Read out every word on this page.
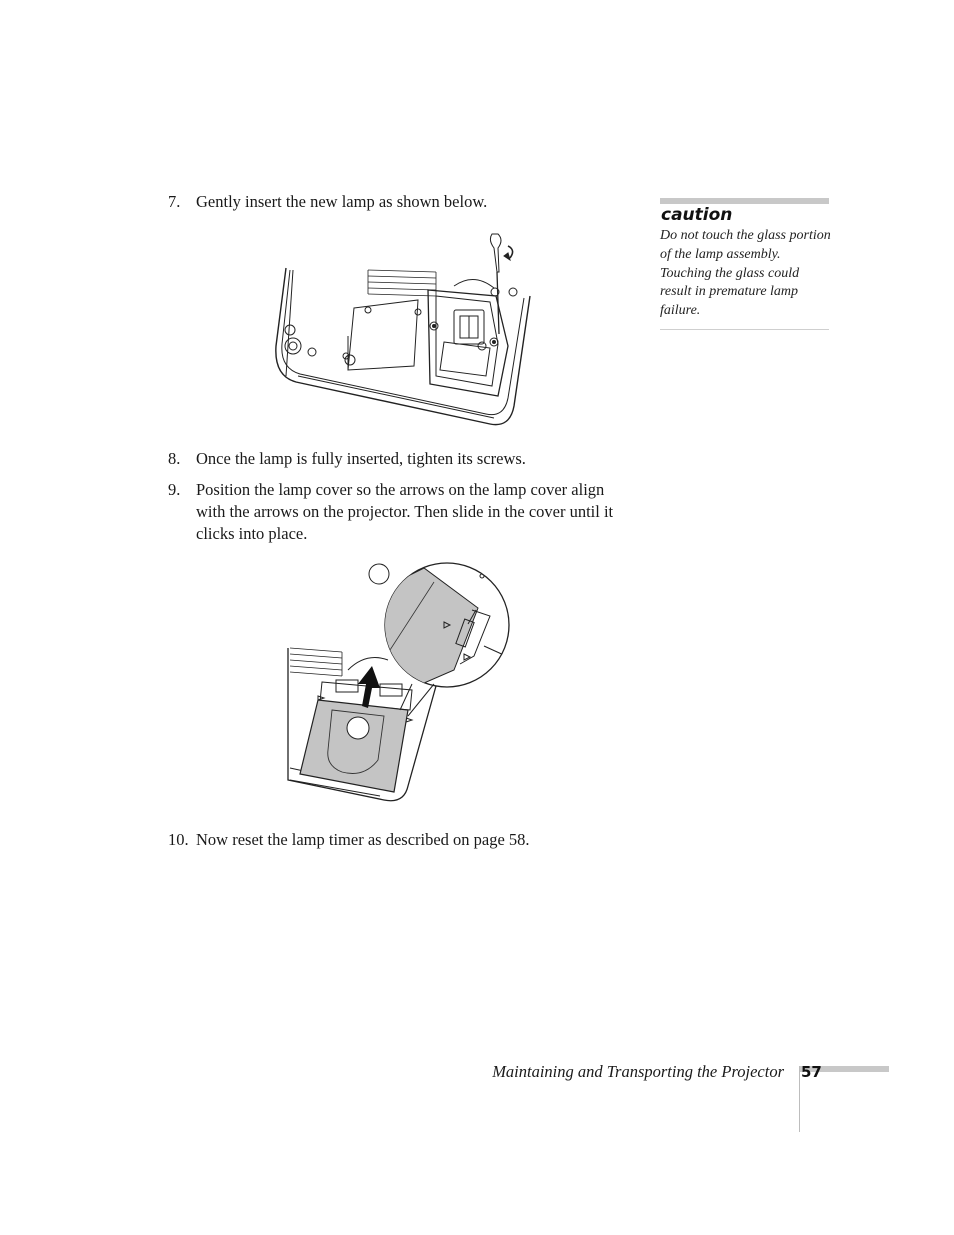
7. Gently insert the new lamp as shown below.
8. Once the lamp is fully inserted, tighten its screws.
9. Position the lamp cover so the arrows on the lamp cover align with the arrows on the projector. Then slide in the cover until it clicks into place.
10. Now reset the lamp timer as described on page 58.
caution
Do not touch the glass portion of the lamp assembly. Touching the glass could result in premature lamp failure.
Maintaining and Transporting the Projector 57
